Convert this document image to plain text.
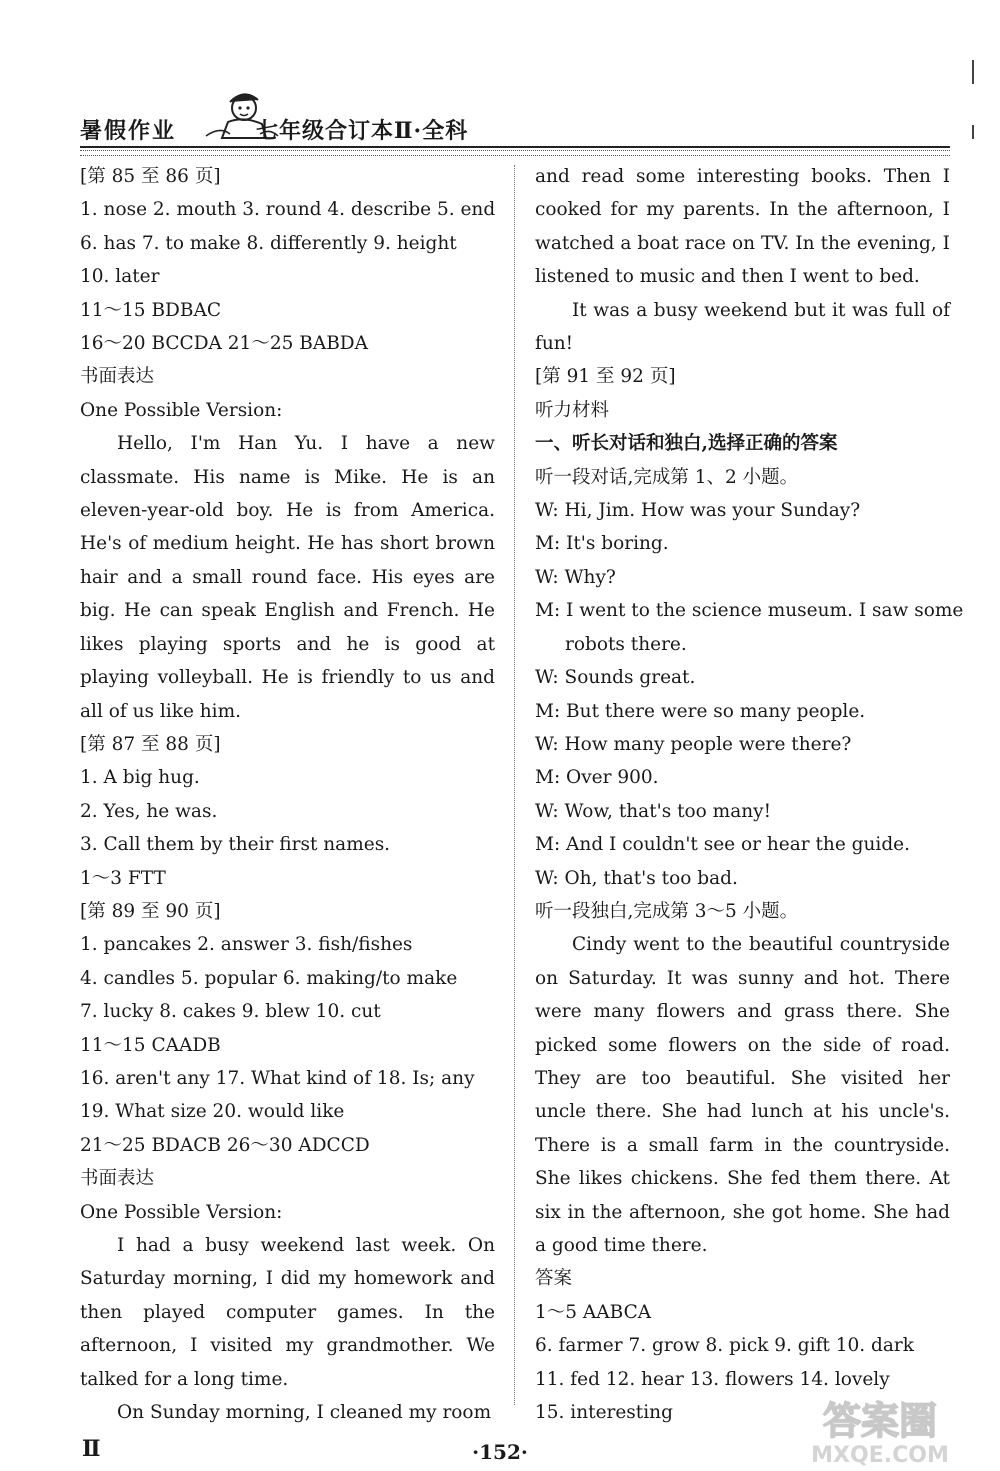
暑假作业	七年级合订本Ⅱ·全科
[第 85 至 86 页]
1. nose 2. mouth 3. round 4. describe 5. end
6. has 7. to make 8. differently 9. height
10. later
11～15 BDBAC
16～20 BCCDA 21～25 BABDA
书面表达
One Possible Version:

Hello, I'm Han Yu. I have a new classmate. His name is Mike. He is an eleven-year-old boy. He is from America. He's of medium height. He has short brown hair and a small round face. His eyes are big. He can speak English and French. He likes playing sports and he is good at playing volleyball. He is friendly to us and all of us like him.

[第 87 至 88 页]
1. A big hug.
2. Yes, he was.
3. Call them by their first names.
1～3 FTT
[第 89 至 90 页]
1. pancakes 2. answer 3. fish/fishes
4. candles 5. popular 6. making/to make
7. lucky 8. cakes 9. blew 10. cut
11～15 CAADB
16. aren't any 17. What kind of 18. Is; any
19. What size 20. would like
21～25 BDACB 26～30 ADCCD
书面表达
One Possible Version:

I had a busy weekend last week. On Saturday morning, I did my homework and then played computer games. In the afternoon, I visited my grandmother. We talked for a long time.

On Sunday morning, I cleaned my room

and read some interesting books. Then I cooked for my parents. In the afternoon, I watched a boat race on TV. In the evening, I listened to music and then I went to bed.

It was a busy weekend but it was full of fun!

[第 91 至 92 页]
听力材料
一、听长对话和独白,选择正确的答案
听一段对话,完成第 1、2 小题。
W: Hi, Jim. How was your Sunday?
M: It's boring.
W: Why?
M: I went to the science museum. I saw some
robots there.
W: Sounds great.
M: But there were so many people.
W: How many people were there?
M: Over 900.
W: Wow, that's too many!
M: And I couldn't see or hear the guide.
W: Oh, that's too bad.
听一段独白,完成第 3～5 小题。

Cindy went to the beautiful countryside on Saturday. It was sunny and hot. There were many flowers and grass there. She picked some flowers on the side of road. They are too beautiful. She visited her uncle there. She had lunch at his uncle's. There is a small farm in the countryside. She likes chickens. She fed them there. At six in the afternoon, she got home. She had a good time there.

答案
1～5 AABCA
6. farmer 7. grow 8. pick 9. gift 10. dark
11. fed 12. hear 13. flowers 14. lovely
15. interesting
Ⅱ	·152·
答案圈
MXQE.COM
